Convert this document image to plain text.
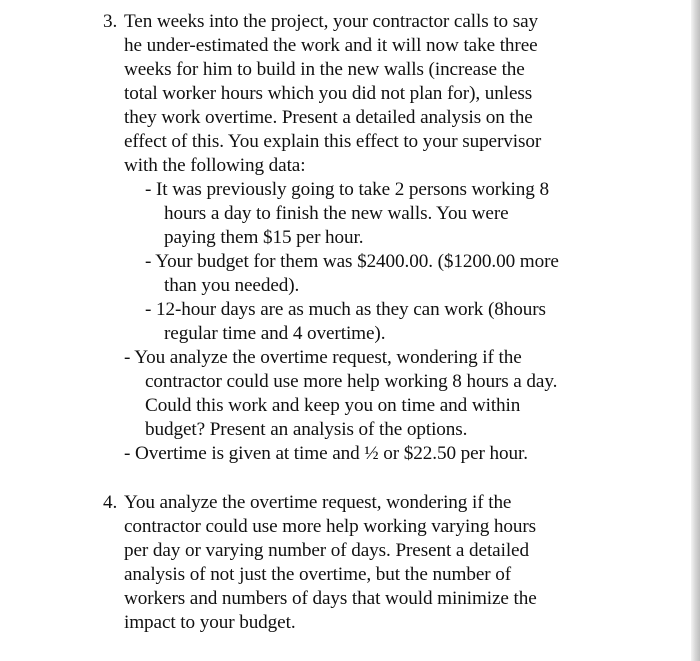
3. Ten weeks into the project, your contractor calls to say
he under-estimated the work and it will now take three
weeks for him to build in the new walls (increase the
total worker hours which you did not plan for), unless
they work overtime. Present a detailed analysis on the
effect of this. You explain this effect to your supervisor
with the following data:
- It was previously going to take 2 persons working 8
hours a day to finish the new walls. You were
paying them $15 per hour.
- Your budget for them was $2400.00. ($1200.00 more
than you needed).
- 12-hour days are as much as they can work (8hours
regular time and 4 overtime).
- You analyze the overtime request, wondering if the
contractor could use more help working 8 hours a day.
Could this work and keep you on time and within
budget? Present an analysis of the options.
- Overtime is given at time and ½ or $22.50 per hour.
4. You analyze the overtime request, wondering if the
contractor could use more help working varying hours
per day or varying number of days. Present a detailed
analysis of not just the overtime, but the number of
workers and numbers of days that would minimize the
impact to your budget.
